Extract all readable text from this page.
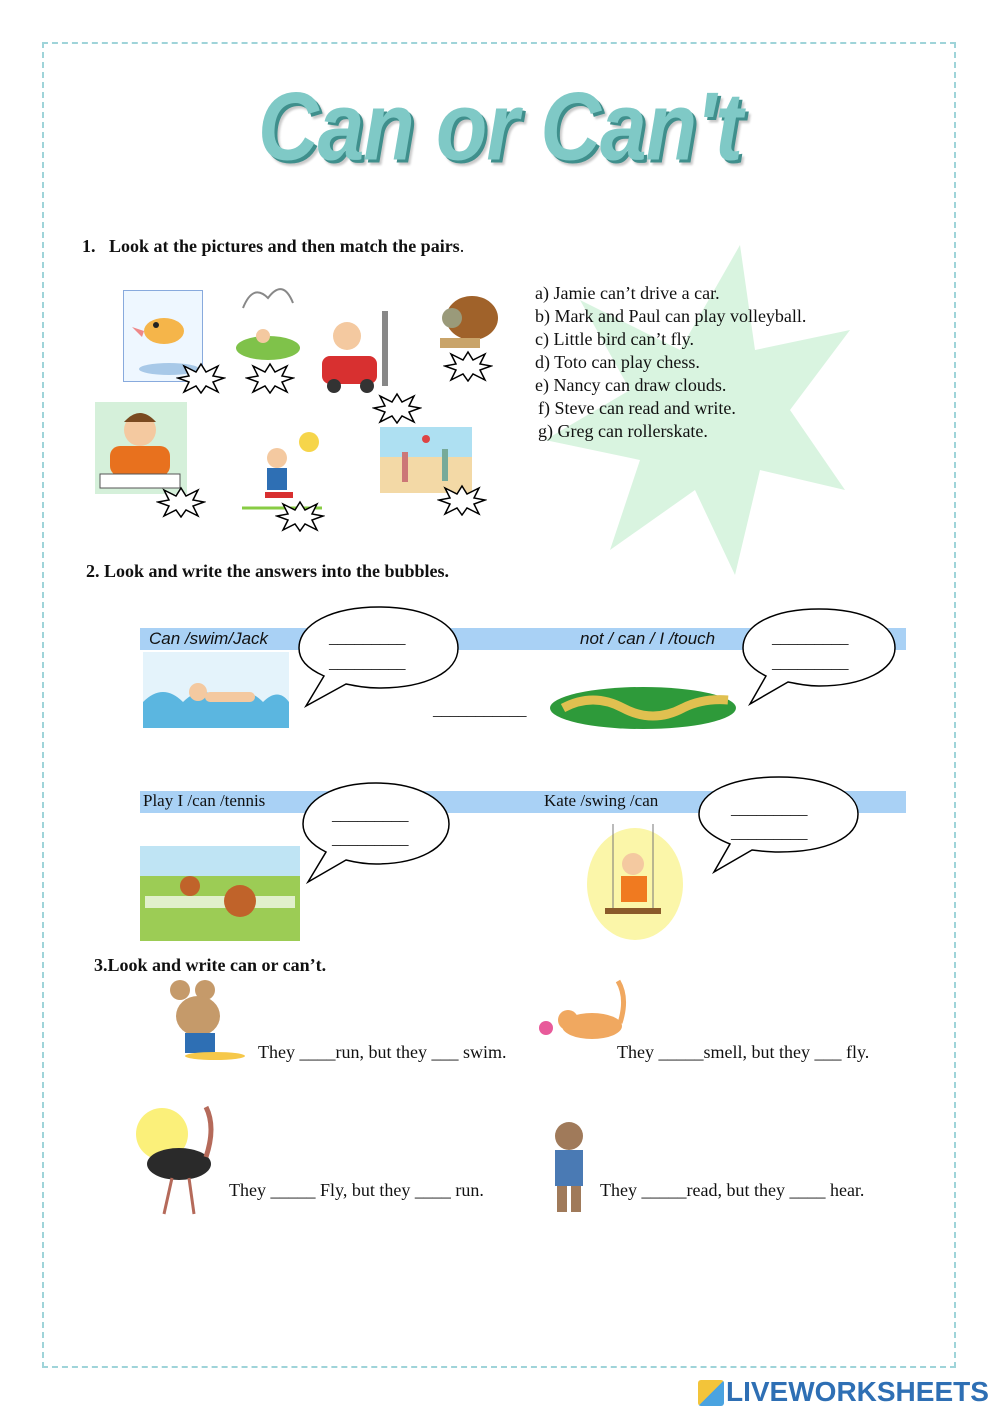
Can or Can't
1. Look at the pictures and then match the pairs.
a) Jamie can’t drive a car.
b) Mark and Paul can play volleyball.
c) Little bird can’t fly.
d) Toto can play chess.
e) Nancy can draw clouds.
f) Steve can read and write.
g) Greg can rollerskate.
2. Look and write the answers into the bubbles.
Can /swim/Jack	not / can / I /touch
Play I /can /tennis	Kate /swing /can
_________
_________
_________
_________
_________
_________
_________
_________
___________
3.Look and write can or can’t.
They ____run, but they ___ swim.	They _____smell, but they ___ fly.
They _____ Fly, but they ____ run.	They _____read, but they ____ hear.
LIVEWORKSHEETS
